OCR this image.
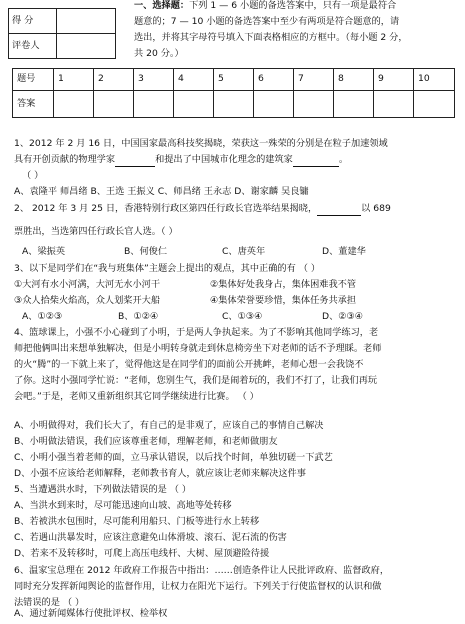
得 分	
评卷人	
一、选择题：下列 1 — 6 小题的备选答案中，只有一项是最符合
题意的；7 — 10 小题的备选答案中至少有两项是符合题意的，请
选出，并将其字母符号填入下面表格相应的方框中。（每小题 2 分，
共 20 分。）
题号	1	2	3	4	5	6	7	8	9	10
答案										
1、2012 年 2 月 16 日，中国国家最高科技奖揭晓，荣获这一殊荣的分别是在粒子加速领域
具有开创贡献的物理学家	和提出了中国城市化理念的建筑家	。
（ ）
A、袁隆平 师昌绪 B、王选 王振义 C、师昌绪 王永志 D、谢家麟 吴良镛
2、 2012 年 3 月 25 日，香港特别行政区第四任行政长官选举结果揭晓，	以 689
票胜出，当选第四任行政长官人选。（ ）
A、梁振英	B、何俊仁	C、唐英年	D、董建华
3、以下是同学们在“我与班集体”主题会上提出的观点，其中正确的有 （ ）
①大河有水小河满，大河无水小河干	②集体好处我身占，集体困难我不管
③众人拾柴火焰高，众人划桨开大船	④集体荣誉要珍惜，集体任务共承担
A、①②③	B、①②④	C、①③④	D、②③④
4、篮球课上，小强不小心碰到了小明，于是两人争执起来。为了不影响其他同学练习，老
师把他俩叫出来想单独解决，但是小明转身就走到休息椅旁坐下对老师的话不予理睬。老师
的火“腾”的一下就上来了，觉得他这是在同学们的面前公开挑衅，老师心想一会我饶不
了你。这时小强同学忙说：“老师，您别生气，我们是闹着玩的，我们不打了，让我们再玩
会吧。”于是，老师又重新组织其它同学继续进行比赛。 （ ）
A、小明做得对，我们长大了，有自己的是非观了，应该自己的事情自己解决
B、小明做法错误，我们应该尊重老师，理解老师，和老师做朋友
C、小明小强当着老师的面，立马承认错误，以后找个时间，单独切磋一下武艺
D、小强不应该给老师解释，老师教书育人，就应该让老师来解决这件事
5、当遭遇洪水时，下列做法错误的是 （ ）
A、当洪水到来时，尽可能迅速向山坡、高地等处转移
B、若被洪水包围时，尽可能利用船只、门板等进行水上转移
C、若遇山洪暴发时，应该注意避免山体滑坡、滚石、泥石流的伤害
D、若来不及转移时，可爬上高压电线杆、大树、屋顶避险待援
6、温家宝总理在 2012 年政府工作报告中指出：……创造条件让人民批评政府、监督政府，
同时充分发挥新闻舆论的监督作用，让权力在阳光下运行。下列关于行使监督权的认识和做
法错误的是 （ ）
A、通过新闻媒体行使批评权、检举权
